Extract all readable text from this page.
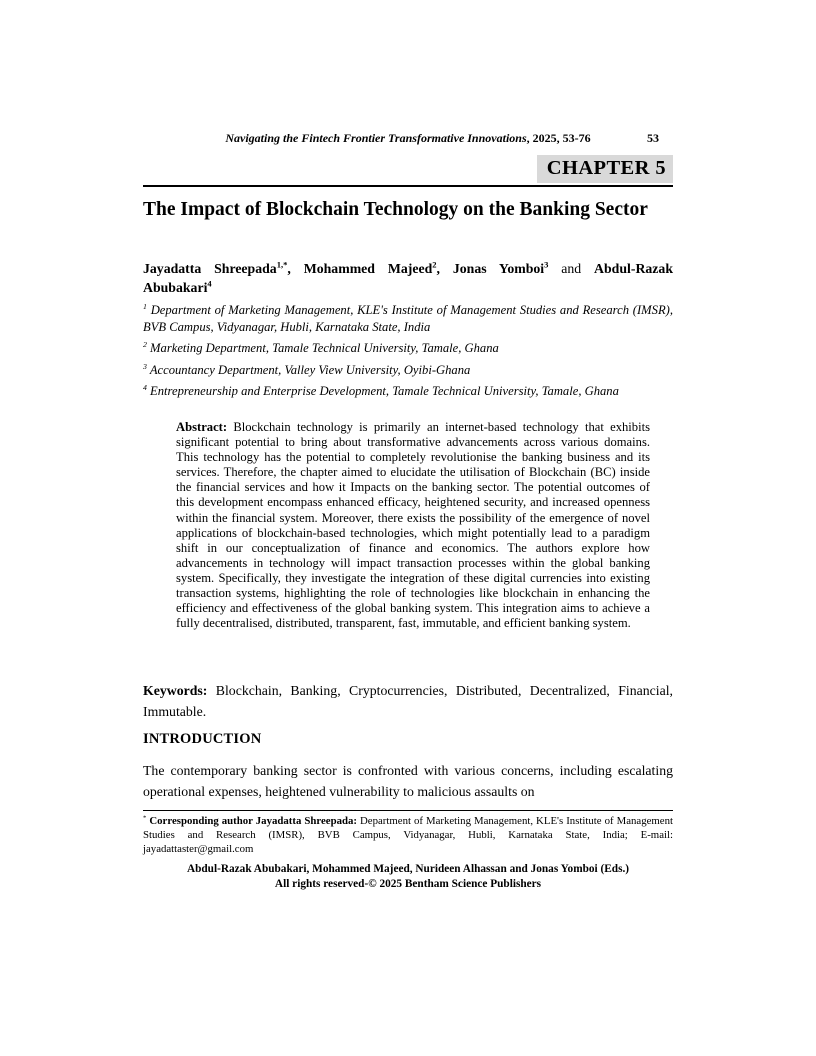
Navigating the Fintech Frontier Transformative Innovations, 2025, 53-76	53
CHAPTER 5
The Impact of Blockchain Technology on the Banking Sector
Jayadatta Shreepada$^{1,*}$, Mohammed Majeed$^2$, Jonas Yomboi$^3$ and Abdul-Razak Abubakari$^4$

$^1$ Department of Marketing Management, KLE's Institute of Management Studies and Research (IMSR), BVB Campus, Vidyanagar, Hubli, Karnataka State, India

$^2$ Marketing Department, Tamale Technical University, Tamale, Ghana

$^3$ Accountancy Department, Valley View University, Oyibi-Ghana

$^4$ Entrepreneurship and Enterprise Development, Tamale Technical University, Tamale, Ghana

Abstract: Blockchain technology is primarily an internet-based technology that exhibits significant potential to bring about transformative advancements across various domains. This technology has the potential to completely revolutionise the banking business and its services. Therefore, the chapter aimed to elucidate the utilisation of Blockchain (BC) inside the financial services and how it Impacts on the banking sector. The potential outcomes of this development encompass enhanced efficacy, heightened security, and increased openness within the financial system. Moreover, there exists the possibility of the emergence of novel applications of blockchain-based technologies, which might potentially lead to a paradigm shift in our conceptualization of finance and economics. The authors explore how advancements in technology will impact transaction processes within the global banking system. Specifically, they investigate the integration of these digital currencies into existing transaction systems, highlighting the role of technologies like blockchain in enhancing the efficiency and effectiveness of the global banking system. This integration aims to achieve a fully decentralised, distributed, transparent, fast, immutable, and efficient banking system.
Keywords: Blockchain, Banking, Cryptocurrencies, Distributed, Decentralized, Financial, Immutable.
INTRODUCTION

The contemporary banking sector is confronted with various concerns, including escalating operational expenses, heightened vulnerability to malicious assaults on

* Corresponding author Jayadatta Shreepada: Department of Marketing Management, KLE's Institute of Management Studies and Research (IMSR), BVB Campus, Vidyanagar, Hubli, Karnataka State, India; E-mail: jayadattaster@gmail.com
Abdul-Razak Abubakari, Mohammed Majeed, Nurideen Alhassan and Jonas Yomboi (Eds.)
All rights reserved-© 2025 Bentham Science Publishers
